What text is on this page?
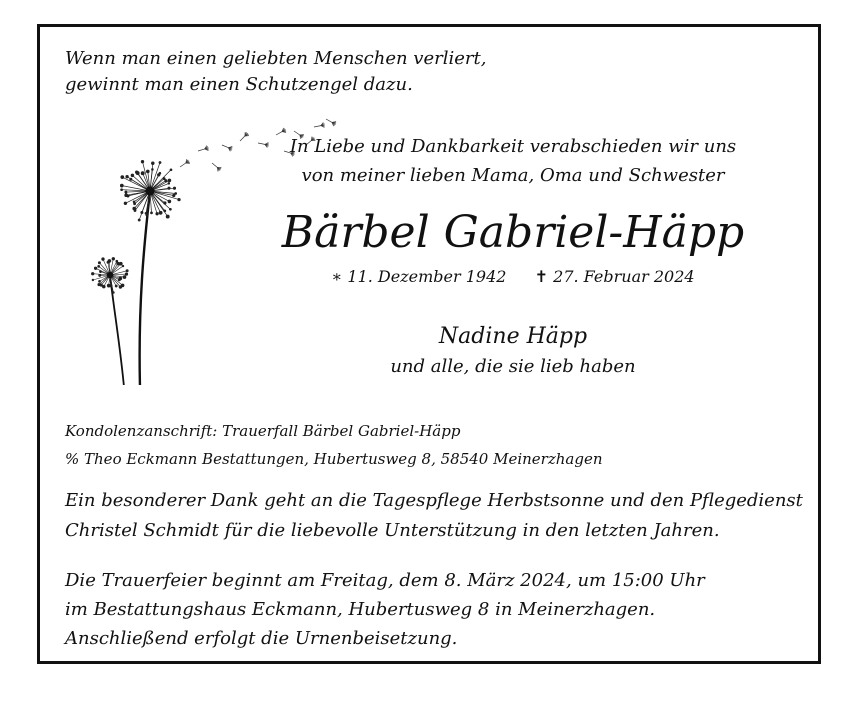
Wenn man einen geliebten Menschen verliert,
gewinnt man einen Schutzengel dazu.
In Liebe und Dankbarkeit verabschieden wir uns
von meiner lieben Mama, Oma und Schwester
Bärbel Gabriel-Häpp
∗ 11. Dezember 1942 ✝ 27. Februar 2024
Nadine Häpp
und alle, die sie lieb haben
Kondolenzanschrift: Trauerfall Bärbel Gabriel-Häpp
% Theo Eckmann Bestattungen, Hubertusweg 8, 58540 Meinerzhagen
Ein besonderer Dank geht an die Tagespflege Herbstsonne und den Pflegedienst
Christel Schmidt für die liebevolle Unterstützung in den letzten Jahren.
Die Trauerfeier beginnt am Freitag, dem 8. März 2024, um 15:00 Uhr
im Bestattungshaus Eckmann, Hubertusweg 8 in Meinerzhagen.
Anschließend erfolgt die Urnenbeisetzung.
